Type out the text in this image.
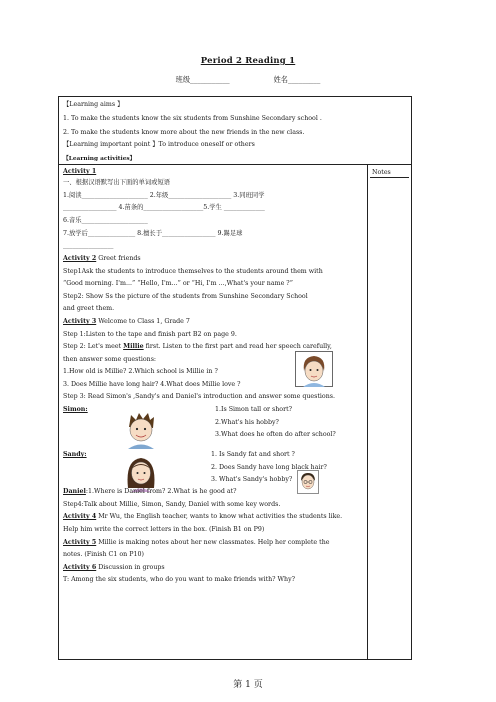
Period 2 Reading 1
班级___________	姓名_________
【Learning aims 】
1. To make the students know the six students from Sunshine Secondary school .
2. To make the students know more about the new friends in the new class.
【Learning important point 】To introduce oneself or others
【Learning activities】
Activity 1
一、根据汉语默写出下面的单词或短语
1.阅读_____________________ 2.年级____________________ 3.同班同学
_________________ 4.苗条的___________________5.学生 _____________
6.音乐_____________________
7.放学后_______________ 8.擅长于_________________ 9.踢足球
________________
Activity 2 Greet friends
Step1Ask the students to introduce themselves to the students around them with
“Good morning. I'm...” “Hello, I'm...” or “Hi, I'm ...,What's your name ?”
Step2: Show Ss the picture of the students from Sunshine Secondary School
and greet them.
Activity 3 Welcome to Class 1, Grade 7
Step 1:Listen to the tape and finish part B2 on page 9.
Step 2: Let's meet Millie first. Listen to the first part and read her speech carefully,
then answer some questions:
1.How old is Millie? 2.Which school is Millie in ?
3. Does Millie have long hair? 4.What does Millie love ?
Step 3: Read Simon's ,Sandy's and Daniel's introduction and answer some questions.
Simon:	1.Is Simon tall or short?
2.What's his hobby?
3.What does he often do after school?
Sandy:	1. Is Sandy fat and short ?
2. Does Sandy have long black hair?
3. What's Sandy's hobby?
Daniel:1.Where is Daniel from? 2.What is he good at?
Step4:Talk about Millie, Simon, Sandy, Daniel with some key words.
Activity 4 Mr Wu, the English teacher, wants to know what activities the students like.
Help him write the correct letters in the box. (Finish B1 on P9)
Activity 5 Millie is making notes about her new classmates. Help her complete the
notes. (Finish C1 on P10)
Activity 6 Discussion in groups
T: Among the six students, who do you want to make friends with? Why?
Notes
第 1 页
